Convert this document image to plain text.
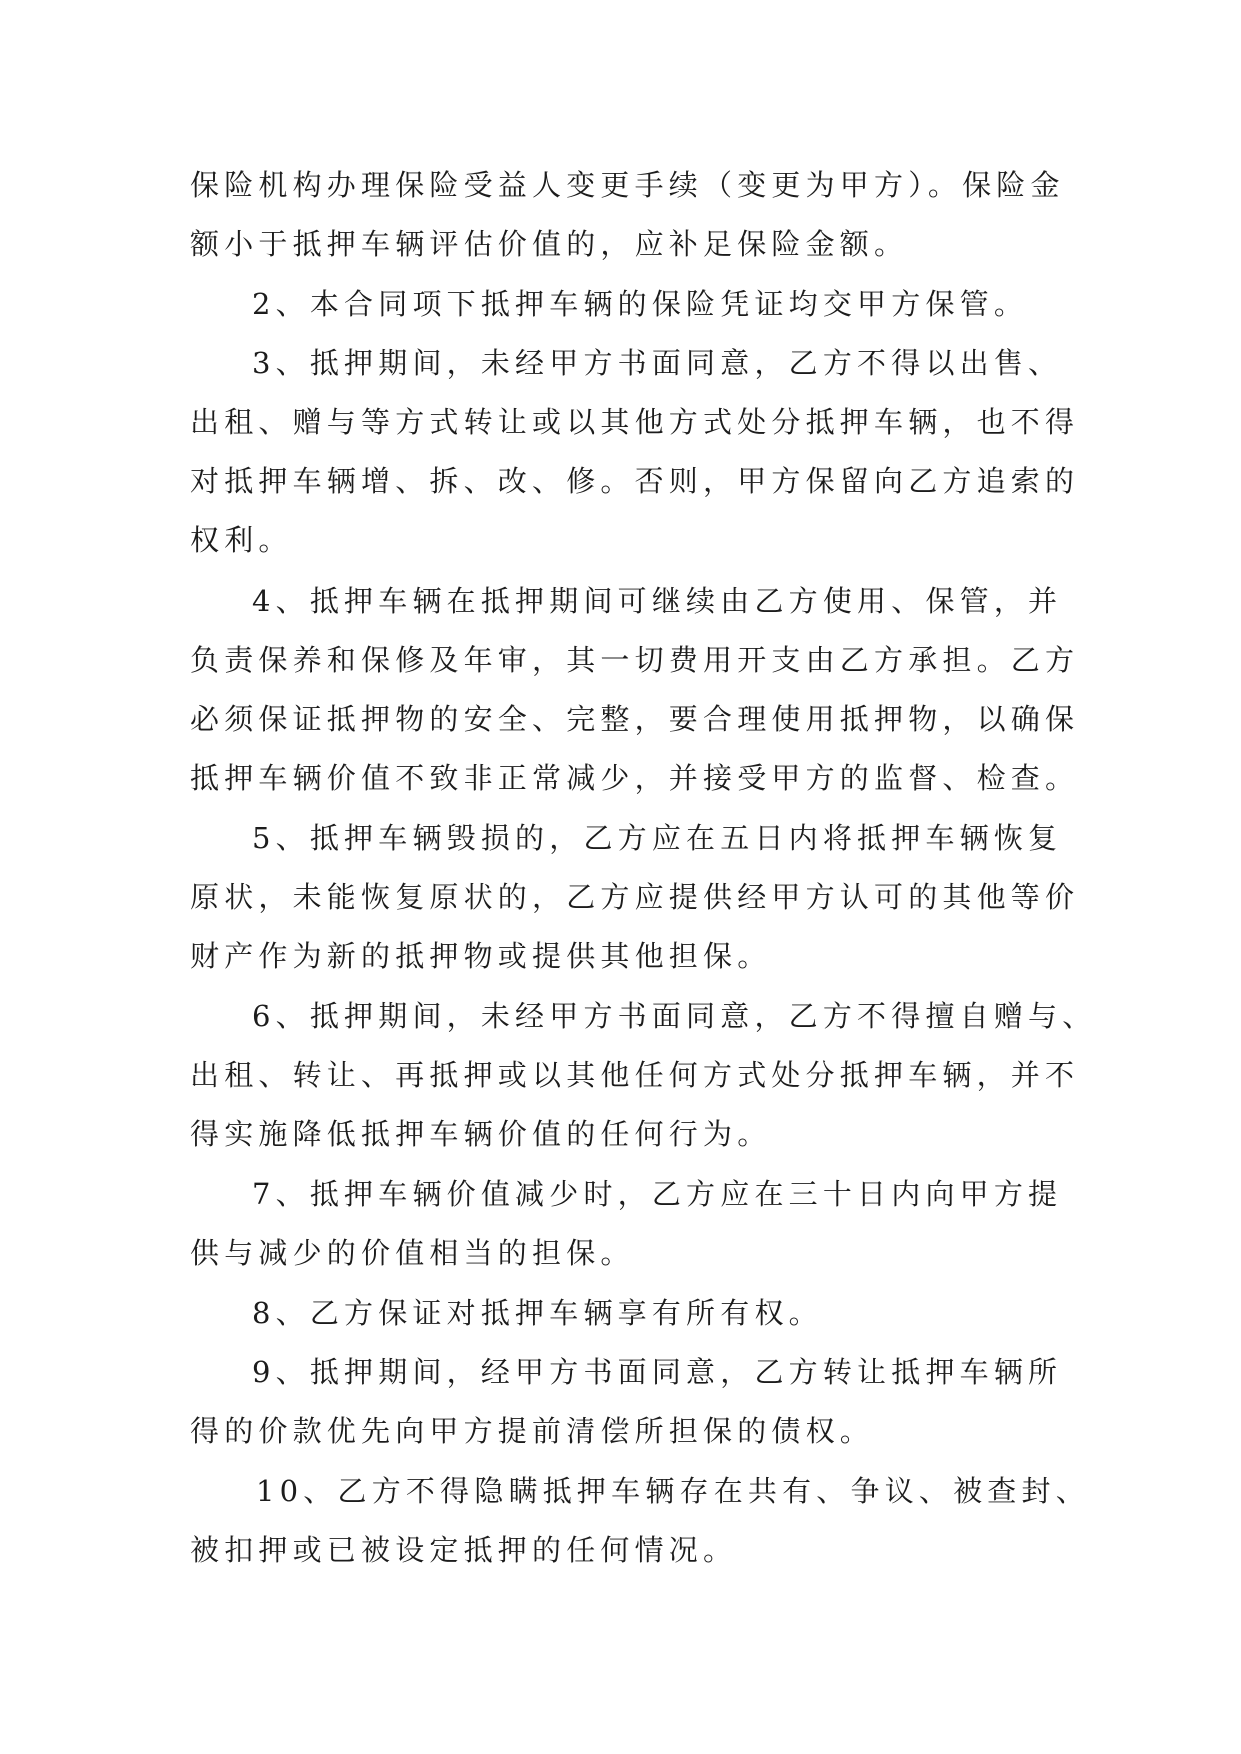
保险机构办理保险受益人变更手续（变更为甲方）。保险金
额小于抵押车辆评估价值的，应补足保险金额。
2、本合同项下抵押车辆的保险凭证均交甲方保管。
3、抵押期间，未经甲方书面同意，乙方不得以出售、
出租、赠与等方式转让或以其他方式处分抵押车辆，也不得
对抵押车辆增、拆、改、修。否则，甲方保留向乙方追索的
权利。
4、抵押车辆在抵押期间可继续由乙方使用、保管，并
负责保养和保修及年审，其一切费用开支由乙方承担。乙方
必须保证抵押物的安全、完整，要合理使用抵押物，以确保
抵押车辆价值不致非正常减少，并接受甲方的监督、检查。
5、抵押车辆毁损的，乙方应在五日内将抵押车辆恢复
原状，未能恢复原状的，乙方应提供经甲方认可的其他等价
财产作为新的抵押物或提供其他担保。
6、抵押期间，未经甲方书面同意，乙方不得擅自赠与、
出租、转让、再抵押或以其他任何方式处分抵押车辆，并不
得实施降低抵押车辆价值的任何行为。
7、抵押车辆价值减少时，乙方应在三十日内向甲方提
供与减少的价值相当的担保。
8、乙方保证对抵押车辆享有所有权。
9、抵押期间，经甲方书面同意，乙方转让抵押车辆所
得的价款优先向甲方提前清偿所担保的债权。
10、乙方不得隐瞒抵押车辆存在共有、争议、被查封、
被扣押或已被设定抵押的任何情况。
